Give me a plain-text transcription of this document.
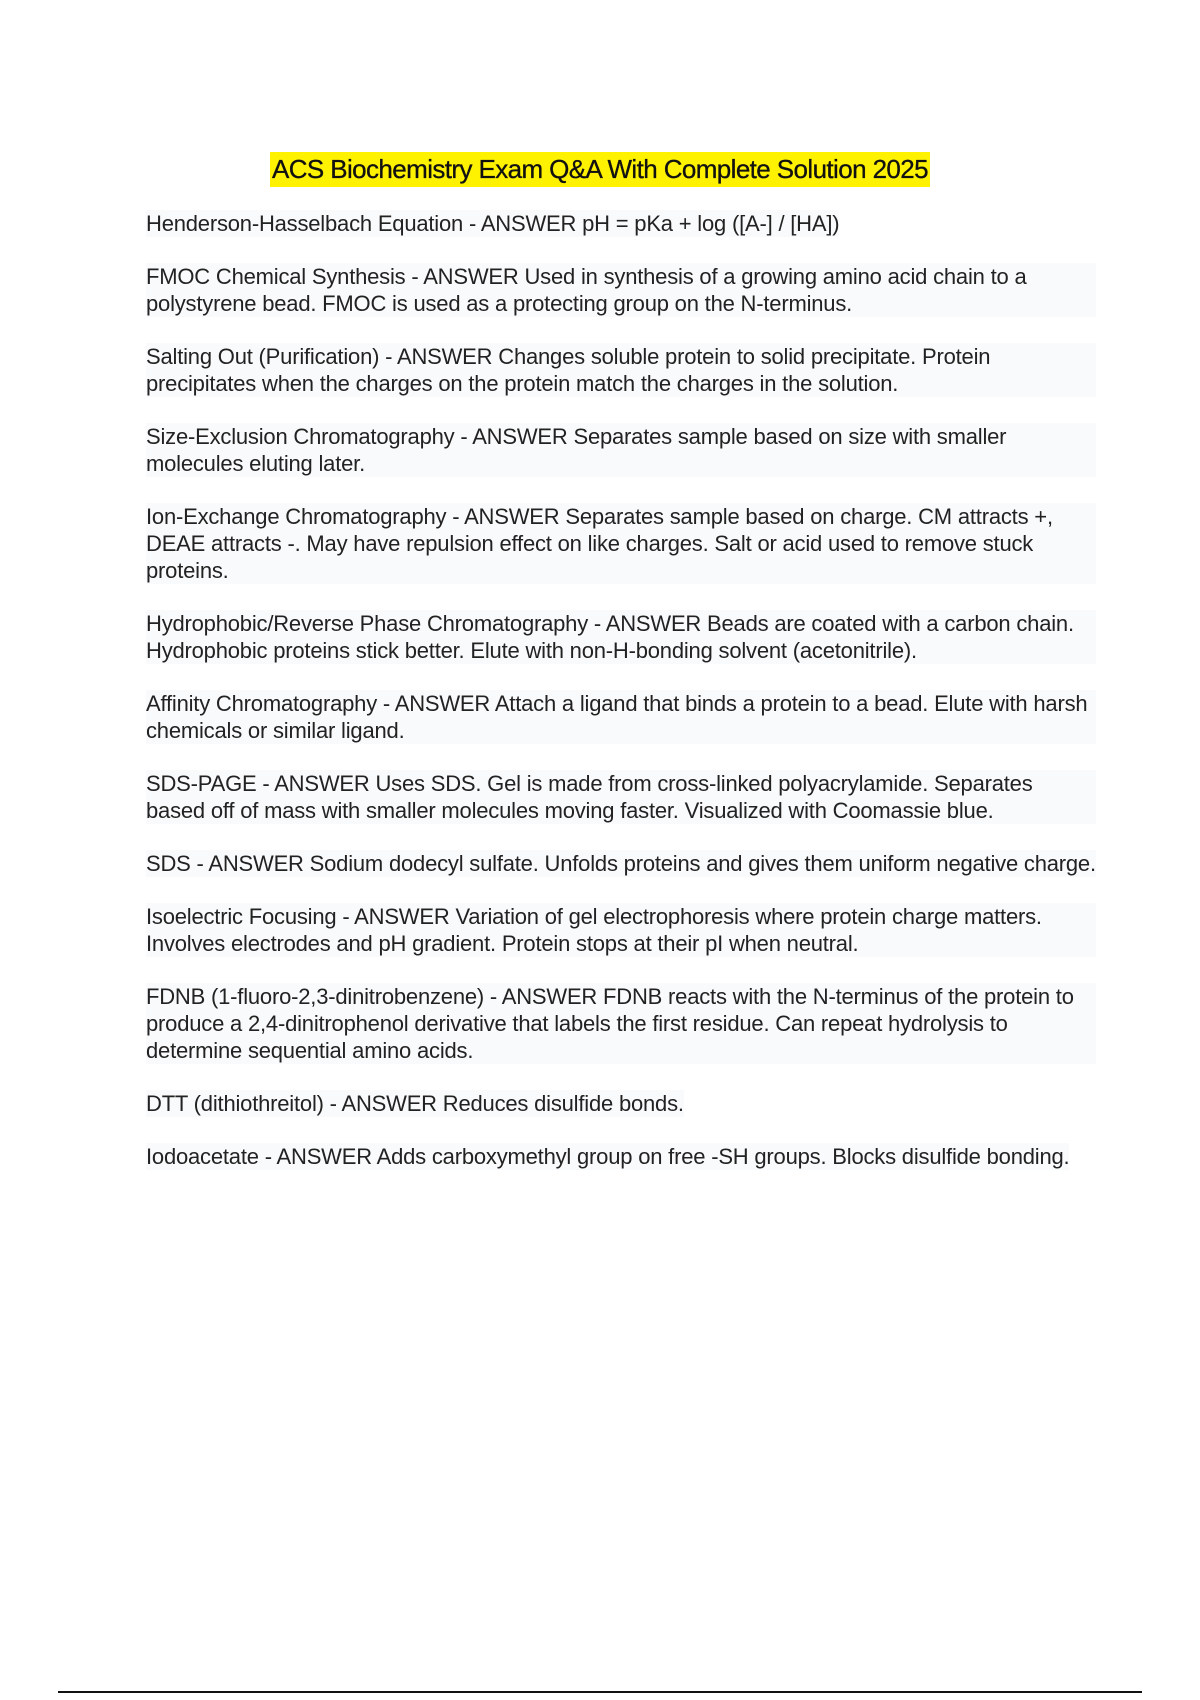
ACS Biochemistry Exam Q&A With Complete Solution 2025

Henderson-Hasselbach Equation - ANSWER pH = pKa + log ([A-] / [HA])

FMOC Chemical Synthesis - ANSWER Used in synthesis of a growing amino acid chain to a polystyrene bead. FMOC is used as a protecting group on the N-terminus.

Salting Out (Purification) - ANSWER Changes soluble protein to solid precipitate. Protein precipitates when the charges on the protein match the charges in the solution.

Size-Exclusion Chromatography - ANSWER Separates sample based on size with smaller molecules eluting later.

Ion-Exchange Chromatography - ANSWER Separates sample based on charge. CM attracts +, DEAE attracts -. May have repulsion effect on like charges. Salt or acid used to remove stuck proteins.

Hydrophobic/Reverse Phase Chromatography - ANSWER Beads are coated with a carbon chain. Hydrophobic proteins stick better. Elute with non-H-bonding solvent (acetonitrile).

Affinity Chromatography - ANSWER Attach a ligand that binds a protein to a bead. Elute with harsh chemicals or similar ligand.

SDS-PAGE - ANSWER Uses SDS. Gel is made from cross-linked polyacrylamide. Separates based off of mass with smaller molecules moving faster. Visualized with Coomassie blue.

SDS - ANSWER Sodium dodecyl sulfate. Unfolds proteins and gives them uniform negative charge.

Isoelectric Focusing - ANSWER Variation of gel electrophoresis where protein charge matters. Involves electrodes and pH gradient. Protein stops at their pI when neutral.

FDNB (1-fluoro-2,3-dinitrobenzene) - ANSWER FDNB reacts with the N-terminus of the protein to produce a 2,4-dinitrophenol derivative that labels the first residue. Can repeat hydrolysis to determine sequential amino acids.

DTT (dithiothreitol) - ANSWER Reduces disulfide bonds.

Iodoacetate - ANSWER Adds carboxymethyl group on free -SH groups. Blocks disulfide bonding.
